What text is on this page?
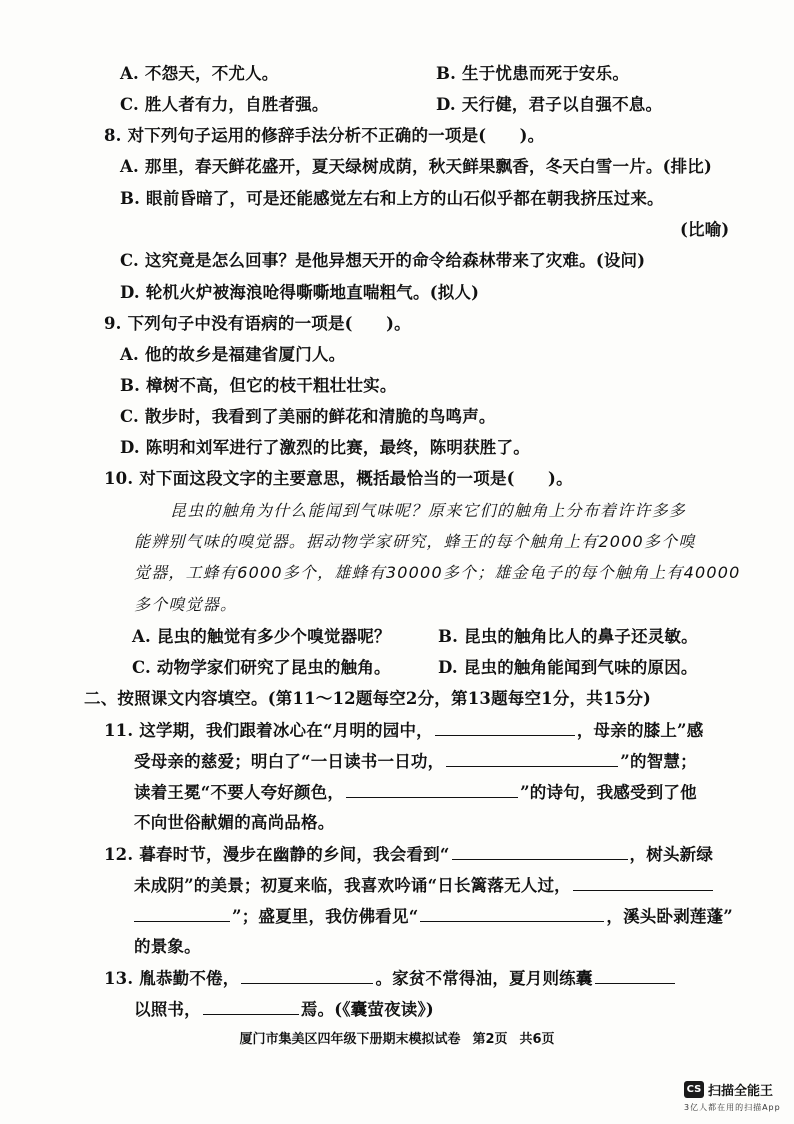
A. 不怨天，不尤人。	B. 生于忧患而死于安乐。
C. 胜人者有力，自胜者强。	D. 天行健，君子以自强不息。
8. 对下列句子运用的修辞手法分析不正确的一项是(　　)。
A. 那里，春天鲜花盛开，夏天绿树成荫，秋天鲜果飘香，冬天白雪一片。(排比)
B. 眼前昏暗了，可是还能感觉左右和上方的山石似乎都在朝我挤压过来。
(比喻)
C. 这究竟是怎么回事？是他异想天开的命令给森林带来了灾难。(设问)
D. 轮机火炉被海浪呛得嘶嘶地直喘粗气。(拟人)
9. 下列句子中没有语病的一项是(　　)。
A. 他的故乡是福建省厦门人。
B. 樟树不高，但它的枝干粗壮壮实。
C. 散步时，我看到了美丽的鲜花和清脆的鸟鸣声。
D. 陈明和刘军进行了激烈的比赛，最终，陈明获胜了。
10. 对下面这段文字的主要意思，概括最恰当的一项是(　　)。
昆虫的触角为什么能闻到气味呢？原来它们的触角上分布着许许多多
能辨别气味的嗅觉器。据动物学家研究，蜂王的每个触角上有2000多个嗅
觉器，工蜂有6000多个，雄蜂有30000多个；雄金龟子的每个触角上有40000
多个嗅觉器。
A. 昆虫的触觉有多少个嗅觉器呢？	B. 昆虫的触角比人的鼻子还灵敏。
C. 动物学家们研究了昆虫的触角。	D. 昆虫的触角能闻到气味的原因。
二、按照课文内容填空。(第11～12题每空2分，第13题每空1分，共15分)
11. 这学期，我们跟着冰心在“月明的园中，	，母亲的膝上”感
受母亲的慈爱；明白了“一日读书一日功，	”的智慧；
读着王冕“不要人夸好颜色，	”的诗句，我感受到了他
不向世俗献媚的高尚品格。
12. 暮春时节，漫步在幽静的乡间，我会看到“	，树头新绿
未成阴”的美景；初夏来临，我喜欢吟诵“日长篱落无人过，
”；盛夏里，我仿佛看见“	，溪头卧剥莲蓬”
的景象。
13. 胤恭勤不倦，	。家贫不常得油，夏月则练囊
以照书，	焉。(《囊萤夜读》)
厦门市集美区四年级下册期末模拟试卷 第2页 共6页
CS 扫描全能王
3亿人都在用的扫描App
